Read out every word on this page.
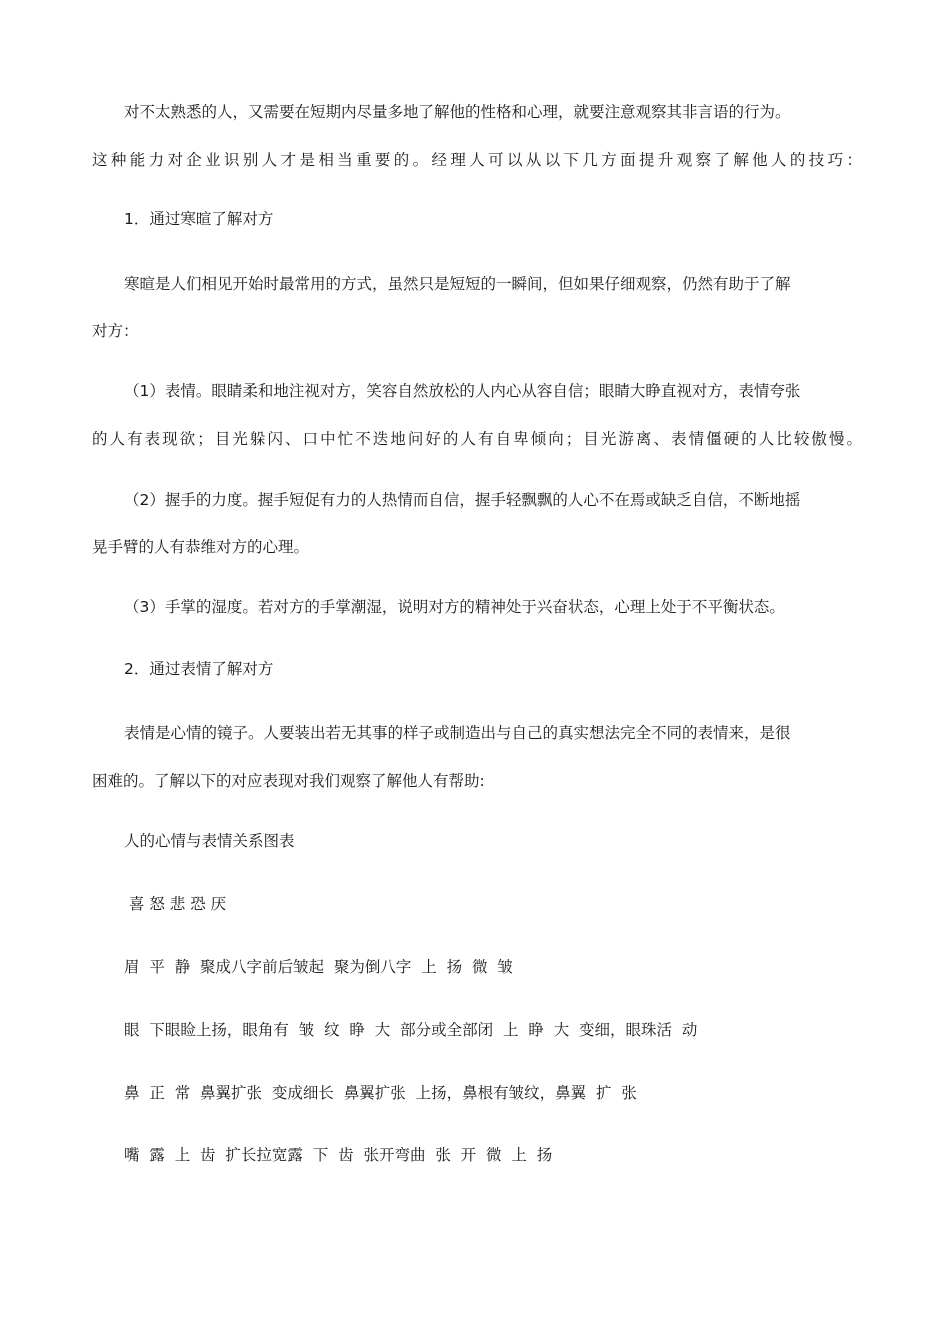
对不太熟悉的人，又需要在短期内尽量多地了解他的性格和心理，就要注意观察其非言语的行为。
这种能力对企业识别人才是相当重要的。经理人可以从以下几方面提升观察了解他人的技巧：
1．通过寒暄了解对方
寒暄是人们相见开始时最常用的方式，虽然只是短短的一瞬间，但如果仔细观察，仍然有助于了解
对方：
（1）表情。眼睛柔和地注视对方，笑容自然放松的人内心从容自信；眼睛大睁直视对方，表情夸张
的人有表现欲；目光躲闪、口中忙不迭地问好的人有自卑倾向；目光游离、表情僵硬的人比较傲慢。
（2）握手的力度。握手短促有力的人热情而自信，握手轻飘飘的人心不在焉或缺乏自信，不断地摇
晃手臂的人有恭维对方的心理。
（3）手掌的湿度。若对方的手掌潮湿，说明对方的精神处于兴奋状态，心理上处于不平衡状态。
2．通过表情了解对方
表情是心情的镜子。人要装出若无其事的样子或制造出与自己的真实想法完全不同的表情来，是很
困难的。了解以下的对应表现对我们观察了解他人有帮助:
人的心情与表情关系图表
喜 怒 悲 恐 厌
眉  平  静  聚成八字前后皱起  聚为倒八字  上  扬  微  皱
眼  下眼睑上扬，眼角有  皱  纹  睁  大  部分或全部闭  上  睁  大  变细，眼珠活  动
鼻  正  常  鼻翼扩张  变成细长  鼻翼扩张  上扬，鼻根有皱纹，鼻翼  扩  张
嘴  露  上  齿  扩长拉宽露  下  齿  张开弯曲  张  开  微  上  扬
